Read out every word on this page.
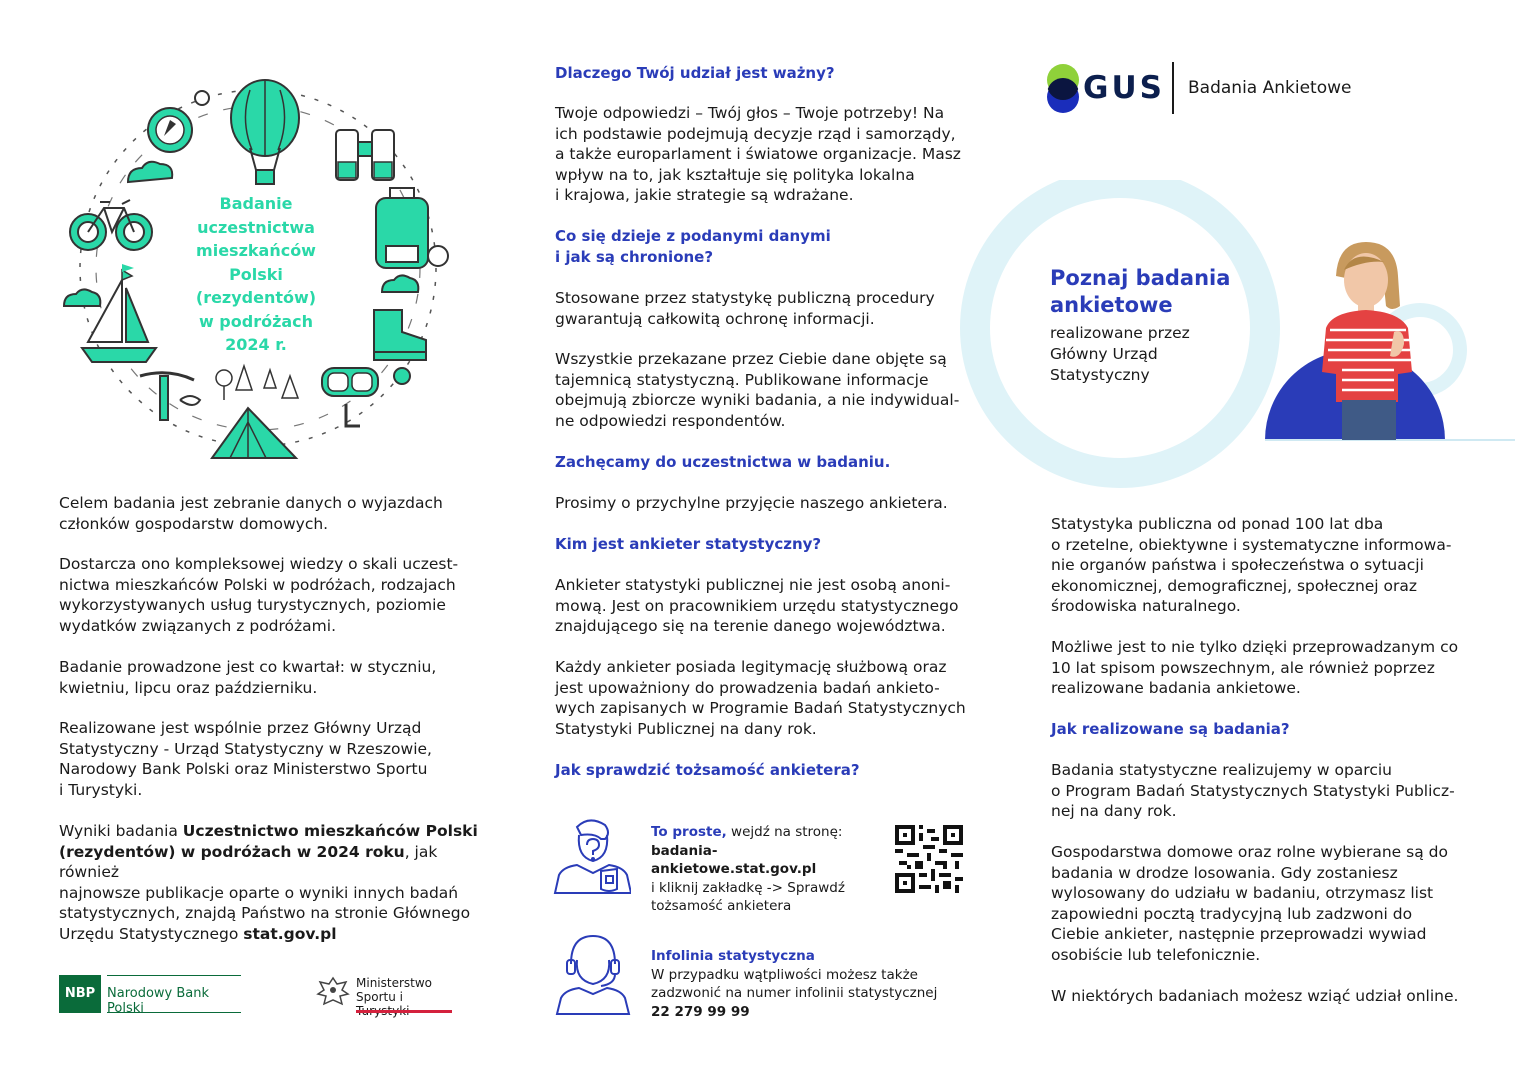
Badanie
uczestnictwa
mieszkańców
Polski
(rezydentów)
w podróżach
2024 r.

Celem badania jest zebranie danych o wyjazdach
członków gospodarstw domowych.

Dostarcza ono kompleksowej wiedzy o skali uczest-
nictwa mieszkańców Polski w podróżach, rodzajach
wykorzystywanych usług turystycznych, poziomie
wydatków związanych z podróżami.

Badanie prowadzone jest co kwartał: w styczniu,
kwietniu, lipcu oraz październiku.

Realizowane jest wspólnie przez Główny Urząd
Statystyczny - Urząd Statystyczny w Rzeszowie,
Narodowy Bank Polski oraz Ministerstwo Sportu
i Turystyki.

Wyniki badania Uczestnictwo mieszkańców Polski
(rezydentów) w podróżach w 2024 roku, jak również
najnowsze publikacje oparte o wyniki innych badań
statystycznych, znajdą Państwo na stronie Głównego
Urzędu Statystycznego stat.gov.pl

NBP Narodowy Bank Polski
Ministerstwo
Sportu i

Dlaczego Twój udział jest ważny?

Twoje odpowiedzi – Twój głos – Twoje potrzeby! Na
ich podstawie podejmują decyzje rząd i samorządy,
a także europarlament i światowe organizacje. Masz
wpływ na to, jak kształtuje się polityka lokalna
i krajowa, jakie strategie są wdrażane.

Co się dzieje z podanymi danymi
i jak są chronione?

Stosowane przez statystykę publiczną procedury
gwarantują całkowitą ochronę informacji.

Wszystkie przekazane przez Ciebie dane objęte są
tajemnicą statystyczną. Publikowane informacje
obejmują zbiorcze wyniki badania, a nie indywidual-
ne odpowiedzi respondentów.

Zachęcamy do uczestnictwa w badaniu.

Prosimy o przychylne przyjęcie naszego ankietera.

Kim jest ankieter statystyczny?

Ankieter statystyki publicznej nie jest osobą anoni-
mową. Jest on pracownikiem urzędu statystycznego
znajdującego się na terenie danego województwa.

Każdy ankieter posiada legitymację służbową oraz
jest upoważniony do prowadzenia badań ankieto-
wych zapisanych w Programie Badań Statystycznych
Statystyki Publicznej na dany rok.

Jak sprawdzić tożsamość ankietera?

To proste, wejdź na stronę:
badania-ankietowe.stat.gov.pl
i kliknij zakładkę -> Sprawdź
tożsamość ankietera
Infolinia statystyczna
W przypadku wątpliwości możesz także
zadzwonić na numer infolinii statystycznej
22 279 99 99
GUS Badania Ankietowe
Poznaj badania
ankietowe
realizowane przez
Główny Urząd
Statystyczny

Statystyka publiczna od ponad 100 lat dba
o rzetelne, obiektywne i systematyczne informowa-
nie organów państwa i społeczeństwa o sytuacji
ekonomicznej, demograficznej, społecznej oraz
środowiska naturalnego.

Możliwe jest to nie tylko dzięki przeprowadzanym co
10 lat spisom powszechnym, ale również poprzez
realizowane badania ankietowe.

Jak realizowane są badania?

Badania statystyczne realizujemy w oparciu
o Program Badań Statystycznych Statystyki Publicz-
nej na dany rok.

Gospodarstwa domowe oraz rolne wybierane są do
badania w drodze losowania. Gdy zostaniesz
wylosowany do udziału w badaniu, otrzymasz list
zapowiedni pocztą tradycyjną lub zadzwoni do
Ciebie ankieter, następnie przeprowadzi wywiad
osobiście lub telefonicznie.

W niektórych badaniach możesz wziąć udział online.
